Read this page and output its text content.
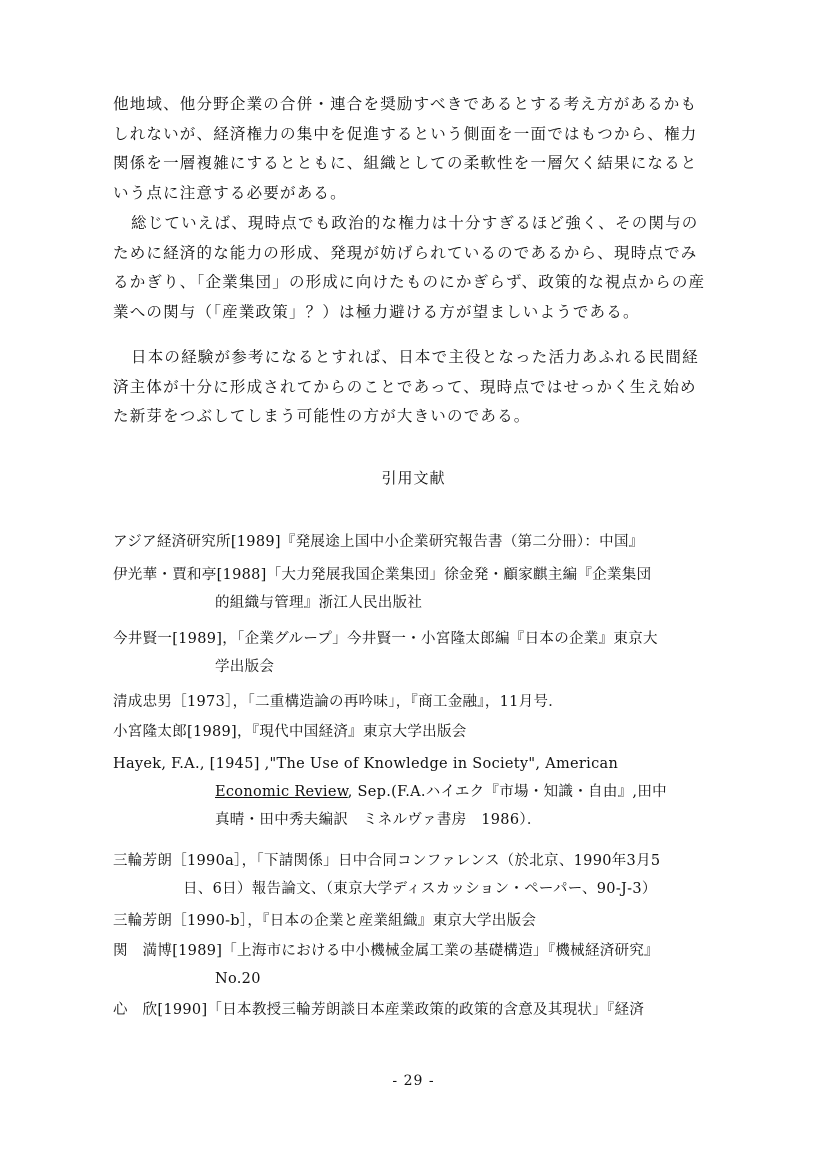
他地域、他分野企業の合併・連合を奨励すべきであるとする考え方があるかもしれないが、経済権力の集中を促進するという側面を一面ではもつから、権力関係を一層複雑にするとともに、組織としての柔軟性を一層欠く結果になるという点に注意する必要がある。

総じていえば、現時点でも政治的な権力は十分すぎるほど強く、その関与のために経済的な能力の形成、発現が妨げられているのであるから、現時点でみるかぎり、「企業集団」の形成に向けたものにかぎらず、政策的な視点からの産業への関与（「産業政策」？）は極力避ける方が望ましいようである。

日本の経験が参考になるとすれば、日本で主役となった活力あふれる民間経済主体が十分に形成されてからのことであって、現時点ではせっかく生え始めた新芽をつぶしてしまう可能性の方が大きいのである。

引用文献

アジア経済研究所[1989]『発展途上国中小企業研究報告書（第二分冊）：中国』

伊光華・賈和亭[1988]「大力発展我国企業集団」徐金発・顧家麒主編『企業集団
的組織与管理』浙江人民出版社

今井賢一[1989]，「企業グループ」今井賢一・小宮隆太郎編『日本の企業』東京大
学出版会

清成忠男［1973］，「二重構造論の再吟味」，『商工金融』，11月号．

小宮隆太郎[1989]，『現代中国経済』東京大学出版会

Hayek, F.A., [1945] ,"The Use of Knowledge in Society", American
Economic Review, Sep.(F.A.ハイエク『市場・知識・自由』,田中
真晴・田中秀夫編訳　ミネルヴァ書房　1986）．

三輪芳朗［1990a］，「下請関係」日中合同コンファレンス（於北京、1990年3月5
日、6日）報告論文、（東京大学ディスカッション・ペーパー、90-J-3）

三輪芳朗［1990-b］，『日本の企業と産業組織』東京大学出版会

関　満博[1989]「上海市における中小機械金属工業の基礎構造」『機械経済研究』
No.20

心　欣[1990]「日本教授三輪芳朗談日本産業政策的政策的含意及其現状」『経済

- 29 -
